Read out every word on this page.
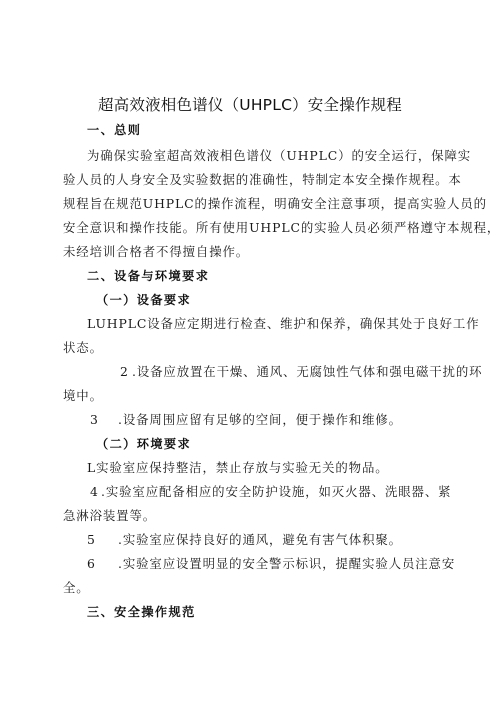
超高效液相色谱仪（UHPLC）安全操作规程
一、总则
为确保实验室超高效液相色谱仪（UHPLC）的安全运行，保障实
验人员的人身安全及实验数据的准确性，特制定本安全操作规程。本
规程旨在规范UHPLC的操作流程，明确安全注意事项，提高实验人员的
安全意识和操作技能。所有使用UHPLC的实验人员必须严格遵守本规程，
未经培训合格者不得擅自操作。
二、设备与环境要求
（一）设备要求
LUHPLC设备应定期进行检查、维护和保养，确保其处于良好工作
状态。
2 .设备应放置在干燥、通风、无腐蚀性气体和强电磁干扰的环
境中。
3 .设备周围应留有足够的空间，便于操作和维修。
（二）环境要求
L实验室应保持整洁，禁止存放与实验无关的物品。
4 .实验室应配备相应的安全防护设施，如灭火器、洗眼器、紧
急淋浴装置等。
5 .实验室应保持良好的通风，避免有害气体积聚。
6 .实验室应设置明显的安全警示标识，提醒实验人员注意安
全。
三、安全操作规范
